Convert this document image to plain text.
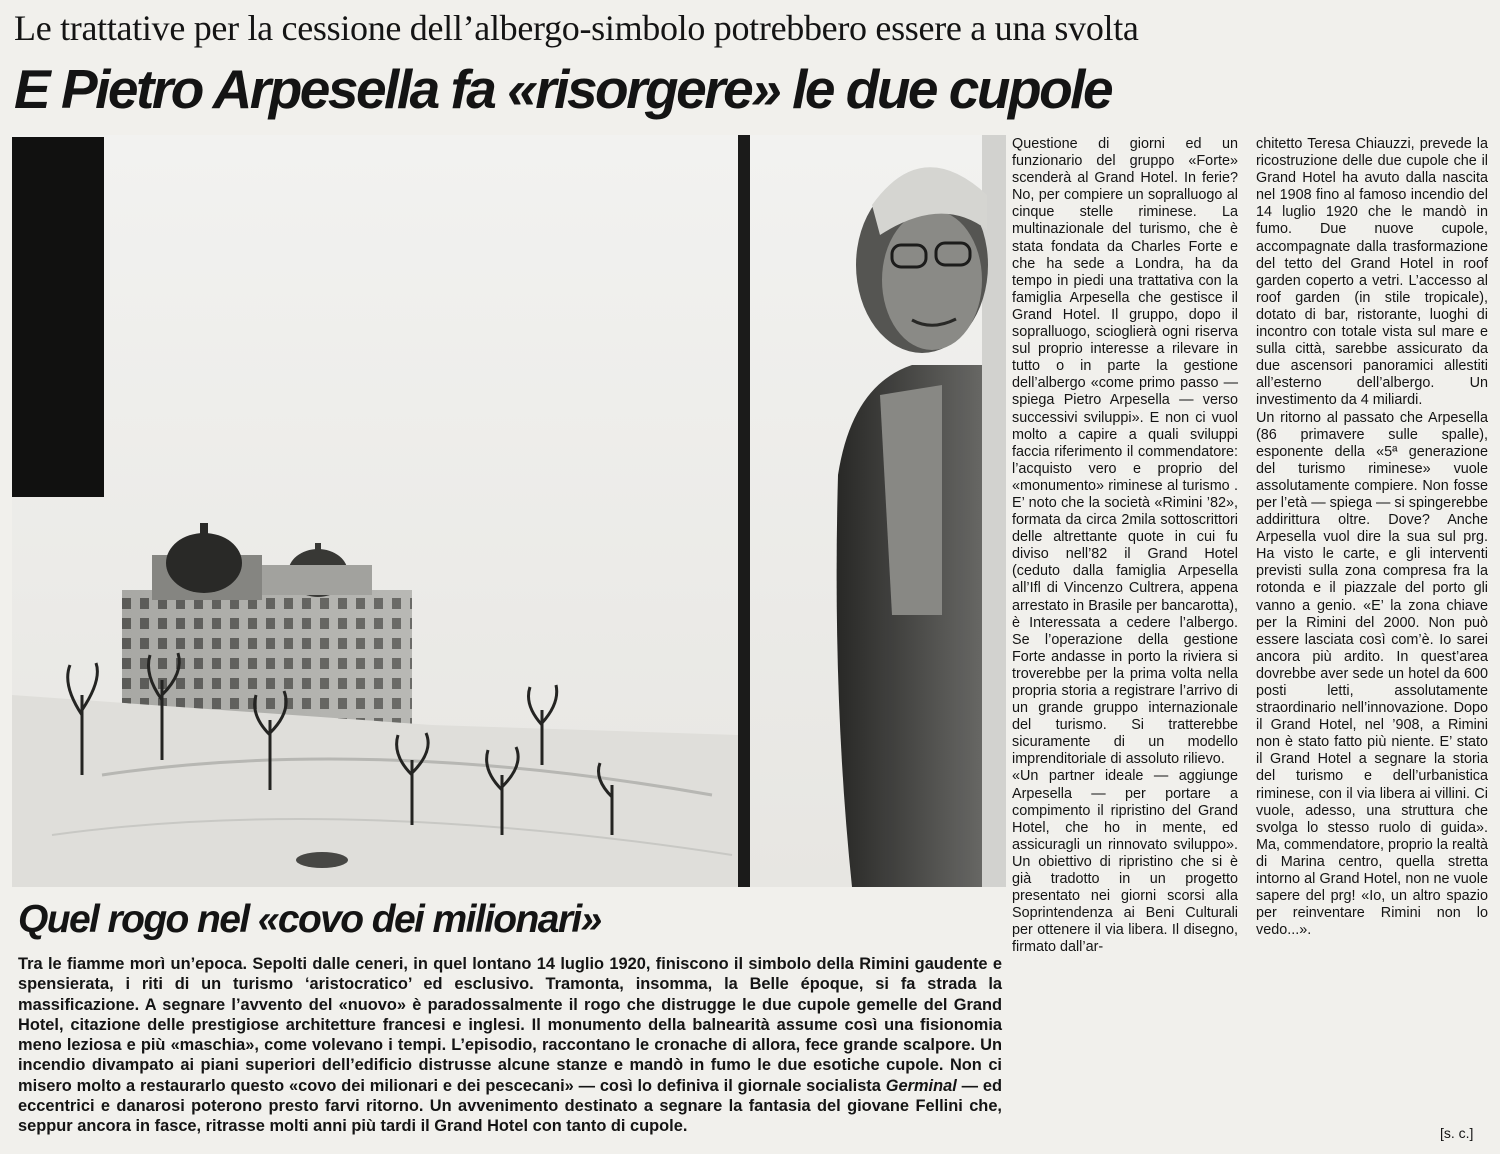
Le trattative per la cessione dell’albergo-simbolo potrebbero essere a una svolta
E Pietro Arpesella fa «risorgere» le due cupole
Quel rogo nel «covo dei milionari»
Tra le fiamme morì un’epoca. Sepolti dalle ceneri, in quel lontano 14 luglio 1920, finiscono il simbolo della Rimini gaudente e spensierata, i riti di un turismo ‘aristocratico’ ed esclusivo. Tramonta, insomma, la Belle époque, si fa strada la massificazione. A segnare l’avvento del «nuovo» è paradossalmente il rogo che distrugge le due cupole gemelle del Grand Hotel, citazione delle prestigiose architetture francesi e inglesi. Il monumento della balnearità assume così una fisionomia meno leziosa e più «maschia», come volevano i tempi. L’episodio, raccontano le cronache di allora, fece grande scalpore. Un incendio divampato ai piani superiori dell’edificio distrusse alcune stanze e mandò in fumo le due esotiche cupole. Non ci misero molto a restaurarlo questo «covo dei milionari e dei pescecani» — così lo definiva il giornale socialista Germinal — ed eccentrici e danarosi poterono presto farvi ritorno. Un avvenimento destinato a segnare la fantasia del giovane Fellini che, seppur ancora in fasce, ritrasse molti anni più tardi il Grand Hotel con tanto di cupole.

Questione di giorni ed un funzionario del gruppo «Forte» scenderà al Grand Hotel. In ferie? No, per compiere un sopralluogo al cinque stelle riminese. La multinazionale del turismo, che è stata fondata da Charles Forte e che ha sede a Londra, ha da tempo in piedi una trattativa con la famiglia Arpesella che gestisce il Grand Hotel. Il gruppo, dopo il sopralluogo, scioglierà ogni riserva sul proprio interesse a rilevare in tutto o in parte la gestione dell’albergo «come primo passo — spiega Pietro Arpesella — verso successivi sviluppi». E non ci vuol molto a capire a quali sviluppi faccia riferimento il commendatore: l’acquisto vero e proprio del «monumento» riminese al turismo . E’ noto che la società «Rimini ’82», formata da circa 2mila sottoscrittori delle altrettante quote in cui fu diviso nell’82 il Grand Hotel (ceduto dalla famiglia Arpesella all’Ifl di Vincenzo Cultrera, appena arrestato in Brasile per bancarotta), è Interessata a cedere l’albergo. Se l’operazione della gestione Forte andasse in porto la riviera si troverebbe per la prima volta nella propria storia a registrare l’arrivo di un grande gruppo internazionale del turismo. Si tratterebbe sicuramente di un modello imprenditoriale di assoluto rilievo.

«Un partner ideale — aggiunge Arpesella — per portare a compimento il ripristino del Grand Hotel, che ho in mente, ed assicuragli un rinnovato sviluppo». Un obiettivo di ripristino che si è già tradotto in un progetto presentato nei giorni scorsi alla Soprintendenza ai Beni Culturali per ottenere il via libera. Il disegno, firmato dall’ar-

chitetto Teresa Chiauzzi, prevede la ricostruzione delle due cupole che il Grand Hotel ha avuto dalla nascita nel 1908 fino al famoso incendio del 14 luglio 1920 che le mandò in fumo. Due nuove cupole, accompagnate dalla trasformazione del tetto del Grand Hotel in roof garden coperto a vetri. L’accesso al roof garden (in stile tropicale), dotato di bar, ristorante, luoghi di incontro con totale vista sul mare e sulla città, sarebbe assicurato da due ascensori panoramici allestiti all’esterno dell’albergo. Un investimento da 4 miliardi.

Un ritorno al passato che Arpesella (86 primavere sulle spalle), esponente della «5ª generazione del turismo riminese» vuole assolutamente compiere. Non fosse per l’età — spiega — si spingerebbe addirittura oltre. Dove? Anche Arpesella vuol dire la sua sul prg. Ha visto le carte, e gli interventi previsti sulla zona compresa fra la rotonda e il piazzale del porto gli vanno a genio. «E’ la zona chiave per la Rimini del 2000. Non può essere lasciata così com’è. Io sarei ancora più ardito. In quest’area dovrebbe aver sede un hotel da 600 posti letti, assolutamente straordinario nell’innovazione. Dopo il Grand Hotel, nel ’908, a Rimini non è stato fatto più niente. E’ stato il Grand Hotel a segnare la storia del turismo e dell’urbanistica riminese, con il via libera ai villini. Ci vuole, adesso, una struttura che svolga lo stesso ruolo di guida». Ma, commendatore, proprio la realtà di Marina centro, quella stretta intorno al Grand Hotel, non ne vuole sapere del prg! «Io, un altro spazio per reinventare Rimini non lo vedo...».

[s. c.]
